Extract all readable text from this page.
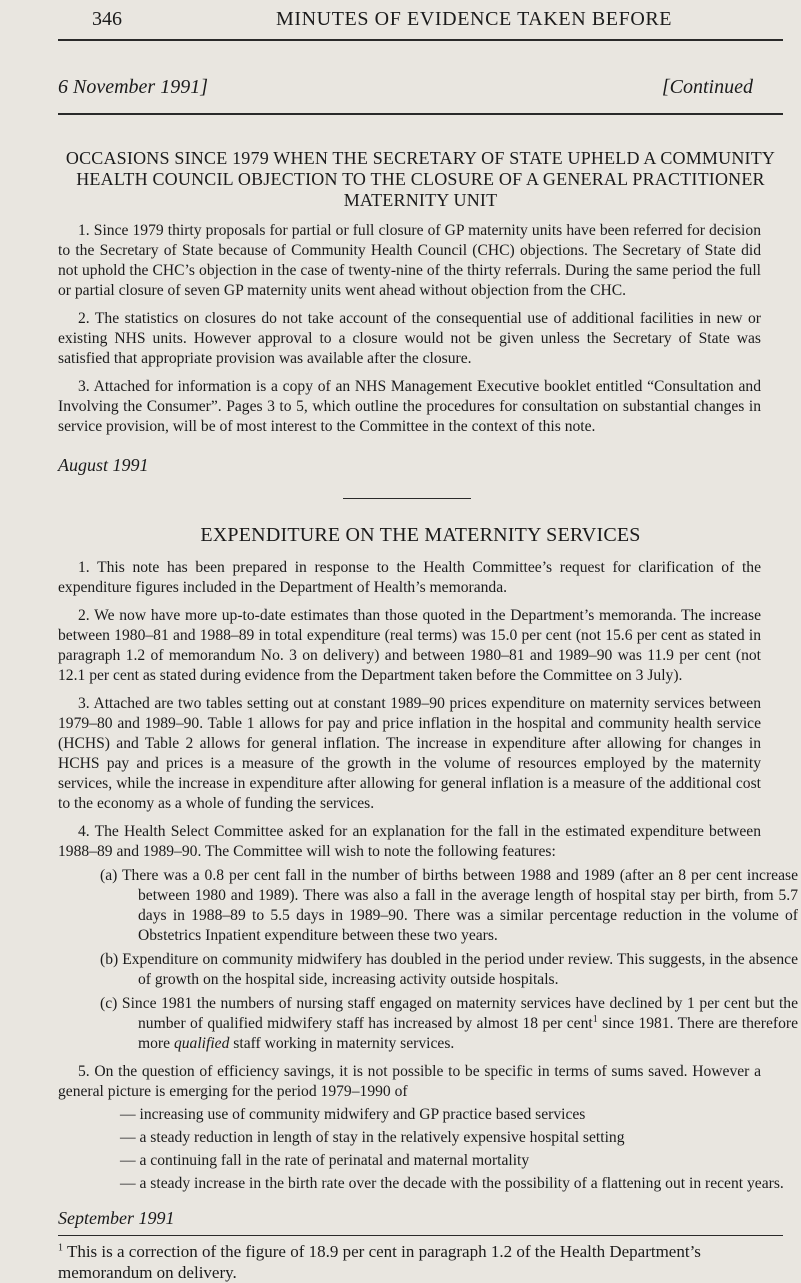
346	MINUTES OF EVIDENCE TAKEN BEFORE
6 November 1991]	[Continued
OCCASIONS SINCE 1979 WHEN THE SECRETARY OF STATE UPHELD A COMMUNITY
HEALTH COUNCIL OBJECTION TO THE CLOSURE OF A GENERAL PRACTITIONER
MATERNITY UNIT
1. Since 1979 thirty proposals for partial or full closure of GP maternity units have been referred for decision to the Secretary of State because of Community Health Council (CHC) objections. The Secretary of State did not uphold the CHC’s objection in the case of twenty-nine of the thirty referrals. During the same period the full or partial closure of seven GP maternity units went ahead without objection from the CHC.
2. The statistics on closures do not take account of the consequential use of additional facilities in new or existing NHS units. However approval to a closure would not be given unless the Secretary of State was satisfied that appropriate provision was available after the closure.
3. Attached for information is a copy of an NHS Management Executive booklet entitled “Consultation and Involving the Consumer”. Pages 3 to 5, which outline the procedures for consultation on substantial changes in service provision, will be of most interest to the Committee in the context of this note.
August 1991
EXPENDITURE ON THE MATERNITY SERVICES
1. This note has been prepared in response to the Health Committee’s request for clarification of the expenditure figures included in the Department of Health’s memoranda.
2. We now have more up-to-date estimates than those quoted in the Department’s memoranda. The increase between 1980–81 and 1988–89 in total expenditure (real terms) was 15.0 per cent (not 15.6 per cent as stated in paragraph 1.2 of memorandum No. 3 on delivery) and between 1980–81 and 1989–90 was 11.9 per cent (not 12.1 per cent as stated during evidence from the Department taken before the Committee on 3 July).
3. Attached are two tables setting out at constant 1989–90 prices expenditure on maternity services between 1979–80 and 1989–90. Table 1 allows for pay and price inflation in the hospital and community health service (HCHS) and Table 2 allows for general inflation. The increase in expenditure after allowing for changes in HCHS pay and prices is a measure of the growth in the volume of resources employed by the maternity services, while the increase in expenditure after allowing for general inflation is a measure of the additional cost to the economy as a whole of funding the services.
4. The Health Select Committee asked for an explanation for the fall in the estimated expenditure between 1988–89 and 1989–90. The Committee will wish to note the following features:
(a) There was a 0.8 per cent fall in the number of births between 1988 and 1989 (after an 8 per cent increase between 1980 and 1989). There was also a fall in the average length of hospital stay per birth, from 5.7 days in 1988–89 to 5.5 days in 1989–90. There was a similar percentage reduction in the volume of Obstetrics Inpatient expenditure between these two years.
(b) Expenditure on community midwifery has doubled in the period under review. This suggests, in the absence of growth on the hospital side, increasing activity outside hospitals.
(c) Since 1981 the numbers of nursing staff engaged on maternity services have declined by 1 per cent but the number of qualified midwifery staff has increased by almost 18 per cent$^1$ since 1981. There are therefore more qualified staff working in maternity services.
$^1$ This is a correction of the figure of 18.9 per cent in paragraph 1.2 of the Health Department’s memorandum on delivery.
5. On the question of efficiency savings, it is not possible to be specific in terms of sums saved. However a general picture is emerging for the period 1979–1990 of
— increasing use of community midwifery and GP practice based services
— a steady reduction in length of stay in the relatively expensive hospital setting
— a continuing fall in the rate of perinatal and maternal mortality
— a steady increase in the birth rate over the decade with the possibility of a flattening out in recent years.
September 1991
